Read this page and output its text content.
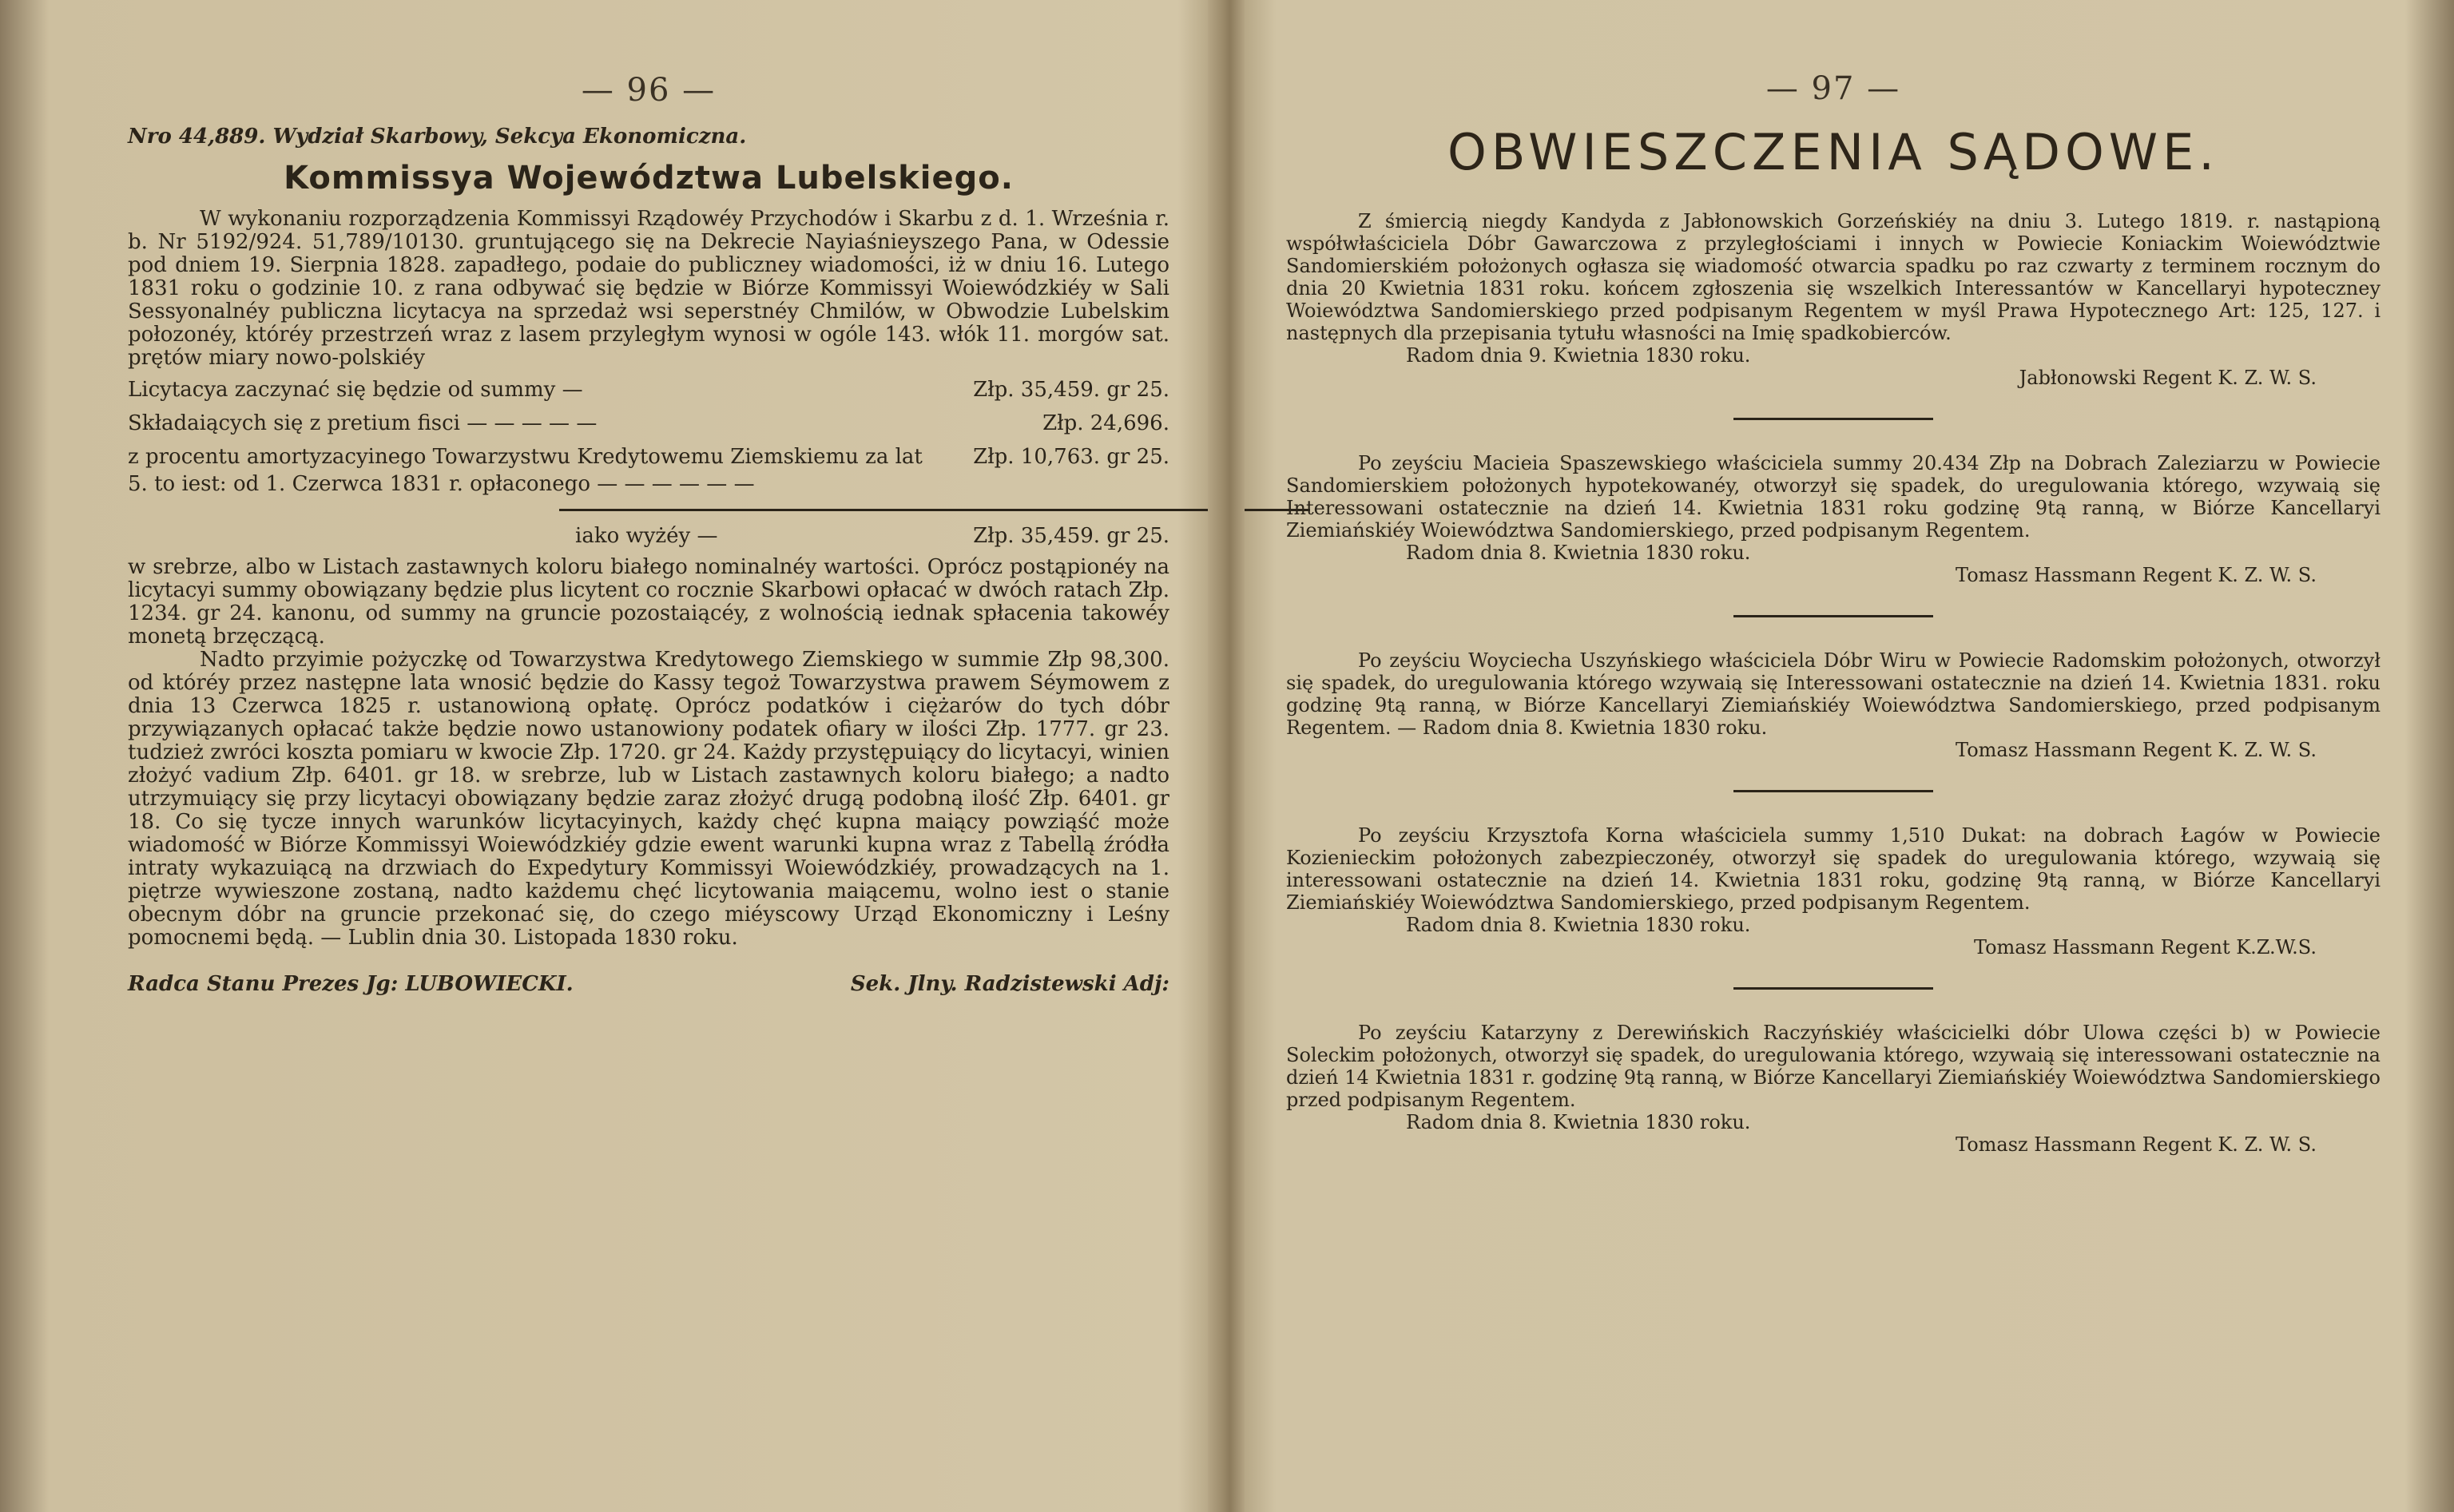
— 96 —
Nro 44,889. Wydział Skarbowy, Sekcya Ekonomiczna.
Kommissya Województwa Lubelskiego.

W wykonaniu rozporządzenia Kommissyi Rządowéy Przychodów i Skarbu z d. 1. Września r. b. Nr 5192/924. 51,789/10130. gruntującego się na Dekrecie Nayiaśnieyszego Pana, w Odessie pod dniem 19. Sierpnia 1828. zapadłego, podaie do publiczney wiadomości, iż w dniu 16. Lutego 1831 roku o godzinie 10. z rana odbywać się będzie w Biórze Kommissyi Woiewódzkiéy w Sali Sessyonalnéy publiczna licytacya na sprzedaż wsi seperstnéy Chmilów, w Obwodzie Lubelskim połozonéy, któréy przestrzeń wraz z lasem przyległym wynosi w ogóle 143. włók 11. morgów sat. prętów miary nowo-polskiéy

Licytacya zaczynać się będzie od summy —	Złp. 35,459. gr 25.
Składaiących się z pretium fisci — — — — —	Złp. 24,696.
z procentu amortyzacyinego Towarzystwu Kredytowemu Ziemskiemu za lat 5. to iest: od 1. Czerwca 1831 r. opłaconego — — — — — —
Złp. 10,763. gr 25.
iako wyżéy —	Złp. 35,459. gr 25.

w srebrze, albo w Listach zastawnych koloru białego nominalnéy wartości. Oprócz postąpionéy na licytacyi summy obowiązany będzie plus licytent co rocznie Skarbowi opłacać w dwóch ratach Złp. 1234. gr 24. kanonu, od summy na gruncie pozostaiącéy, z wolnością iednak spłacenia takowéy monetą brzęczącą.

Nadto przyimie pożyczkę od Towarzystwa Kredytowego Ziemskiego w summie Złp 98,300. od któréy przez następne lata wnosić będzie do Kassy tegoż Towarzystwa prawem Séymowem z dnia 13 Czerwca 1825 r. ustanowioną opłatę. Oprócz podatków i ciężarów do tych dóbr przywiązanych opłacać także będzie nowo ustanowiony podatek ofiary w ilości Złp. 1777. gr 23. tudzież zwróci koszta pomiaru w kwocie Złp. 1720. gr 24. Każdy przystępuiący do licytacyi, winien złożyć vadium Złp. 6401. gr 18. w srebrze, lub w Listach zastawnych koloru białego; a nadto utrzymuiący się przy licytacyi obowiązany będzie zaraz złożyć drugą podobną ilość Złp. 6401. gr 18. Co się tycze innych warunków licytacyinych, każdy chęć kupna maiący powziąść może wiadomość w Biórze Kommissyi Woiewódzkiéy gdzie ewent warunki kupna wraz z Tabellą źródła intraty wykazuiącą na drzwiach do Expedytury Kommissyi Woiewódzkiéy, prowadzących na 1. piętrze wywieszone zostaną, nadto każdemu chęć licytowania maiącemu, wolno iest o stanie obecnym dóbr na gruncie przekonać się, do czego miéyscowy Urząd Ekonomiczny i Leśny pomocnemi będą. — Lublin dnia 30. Listopada 1830 roku.

Radca Stanu Prezes Jg: LUBOWIECKI.	Sek. Jlny. Radzistewski Adj:
— 97 —
OBWIESZCZENIA SĄDOWE.

Z śmiercią niegdy Kandyda z Jabłonowskich Gorzeńskiéy na dniu 3. Lutego 1819. r. nastąpioną współwłaściciela Dóbr Gawarczowa z przyległościami i innych w Powiecie Koniackim Woiewództwie Sandomierskiém położonych ogłasza się wiadomość otwarcia spadku po raz czwarty z terminem rocznym do dnia 20 Kwietnia 1831 roku. końcem zgłoszenia się wszelkich Interessantów w Kancellaryi hypoteczney Woiewództwa Sandomierskiego przed podpisanym Regentem w myśl Prawa Hypotecznego Art: 125, 127. i następnych dla przepisania tytułu własności na Imię spadkobierców.

Radom dnia 9. Kwietnia 1830 roku.
Jabłonowski Regent K. Z. W. S.

Po zeyściu Macieia Spaszewskiego właściciela summy 20.434 Złp na Dobrach Zaleziarzu w Powiecie Sandomierskiem położonych hypotekowanéy, otworzył się spadek, do uregulowania którego, wzywaią się Interessowani ostatecznie na dzień 14. Kwietnia 1831 roku godzinę 9tą ranną, w Biórze Kancellaryi Ziemiańskiéy Woiewództwa Sandomierskiego, przed podpisanym Regentem.

Radom dnia 8. Kwietnia 1830 roku.
Tomasz Hassmann Regent K. Z. W. S.

Po zeyściu Woyciecha Uszyńskiego właściciela Dóbr Wiru w Powiecie Radomskim położonych, otworzył się spadek, do uregulowania którego wzywaią się Interessowani ostatecznie na dzień 14. Kwietnia 1831. roku godzinę 9tą ranną, w Biórze Kancellaryi Ziemiańskiéy Woiewództwa Sandomierskiego, przed podpisanym Regentem. — Radom dnia 8. Kwietnia 1830 roku.

Tomasz Hassmann Regent K. Z. W. S.

Po zeyściu Krzysztofa Korna właściciela summy 1,510 Dukat: na dobrach Łagów w Powiecie Kozienieckim położonych zabezpieczonéy, otworzył się spadek do uregulowania którego, wzywaią się interessowani ostatecznie na dzień 14. Kwietnia 1831 roku, godzinę 9tą ranną, w Biórze Kancellaryi Ziemiańskiéy Woiewództwa Sandomierskiego, przed podpisanym Regentem.

Radom dnia 8. Kwietnia 1830 roku.
Tomasz Hassmann Regent K.Z.W.S.

Po zeyściu Katarzyny z Derewińskich Raczyńskiéy właścicielki dóbr Ulowa części b) w Powiecie Soleckim położonych, otworzył się spadek, do uregulowania którego, wzywaią się interessowani ostatecznie na dzień 14 Kwietnia 1831 r. godzinę 9tą ranną, w Biórze Kancellaryi Ziemiańskiéy Woiewództwa Sandomierskiego przed podpisanym Regentem.

Radom dnia 8. Kwietnia 1830 roku.
Tomasz Hassmann Regent K. Z. W. S.
